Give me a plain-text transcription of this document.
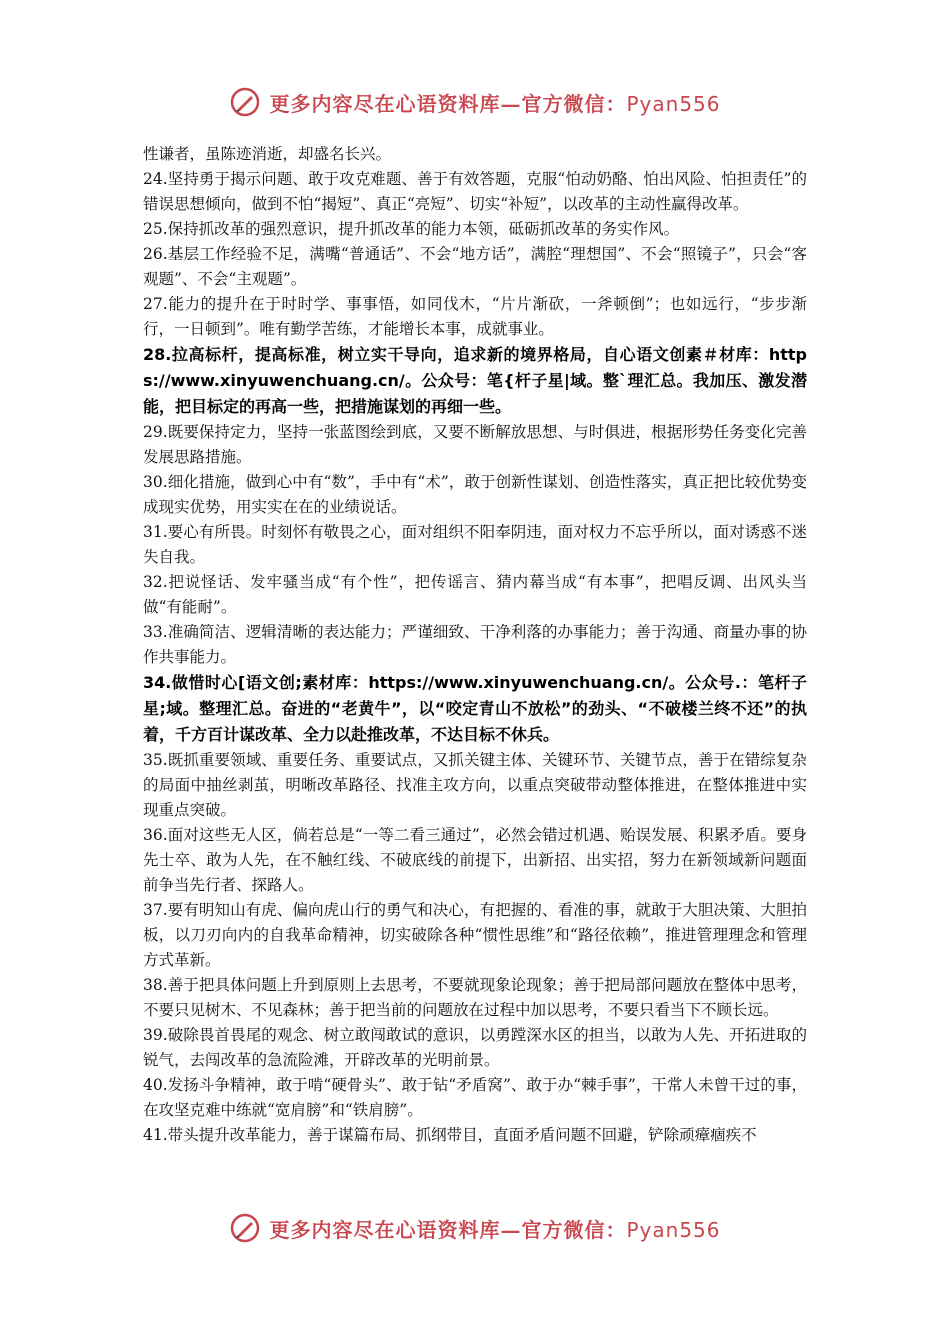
更多内容尽在心语资料库—官方微信：Pyan556

性谦者，虽陈迹消逝，却盛名长兴。

24.坚持勇于揭示问题、敢于攻克难题、善于有效答题，克服“怕动奶酪、怕出风险、怕担责任”的错误思想倾向，做到不怕“揭短”、真正“亮短”、切实“补短”，以改革的主动性赢得改革。

25.保持抓改革的强烈意识，提升抓改革的能力本领，砥砺抓改革的务实作风。

26.基层工作经验不足，满嘴“普通话”、不会“地方话”，满腔“理想国”、不会“照镜子”，只会“客观题”、不会“主观题”。

27.能力的提升在于时时学、事事悟，如同伐木，“片片渐砍，一斧顿倒”；也如远行，“步步渐行，一日顿到”。唯有勤学苦练，才能增长本事，成就事业。

28.拉高标杆，提高标准，树立实干导向，追求新的境界格局，自心语文创素＃材库：https://www.xinyuwenchuang.cn/。公众号：笔{杆子星|域。整`理汇总。我加压、激发潜能，把目标定的再高一些，把措施谋划的再细一些。

29.既要保持定力，坚持一张蓝图绘到底，又要不断解放思想、与时俱进，根据形势任务变化完善发展思路措施。

30.细化措施，做到心中有“数”，手中有“术”，敢于创新性谋划、创造性落实，真正把比较优势变成现实优势，用实实在在的业绩说话。

31.要心有所畏。时刻怀有敬畏之心，面对组织不阳奉阴违，面对权力不忘乎所以，面对诱惑不迷失自我。

32.把说怪话、发牢骚当成“有个性”，把传谣言、猜内幕当成“有本事”，把唱反调、出风头当做“有能耐”。

33.准确简洁、逻辑清晰的表达能力；严谨细致、干净利落的办事能力；善于沟通、商量办事的协作共事能力。

34.做惜时心[语文创;素材库：https://www.xinyuwenchuang.cn/。公众号.：笔杆子星;域。整理汇总。奋进的“老黄牛”，以“咬定青山不放松”的劲头、“不破楼兰终不还”的执着，千方百计谋改革、全力以赴推改革，不达目标不休兵。

35.既抓重要领域、重要任务、重要试点，又抓关键主体、关键环节、关键节点，善于在错综复杂的局面中抽丝剥茧，明晰改革路径、找准主攻方向，以重点突破带动整体推进，在整体推进中实现重点突破。

36.面对这些无人区，倘若总是“一等二看三通过”，必然会错过机遇、贻误发展、积累矛盾。要身先士卒、敢为人先，在不触红线、不破底线的前提下，出新招、出实招，努力在新领域新问题面前争当先行者、探路人。

37.要有明知山有虎、偏向虎山行的勇气和决心，有把握的、看准的事，就敢于大胆决策、大胆拍板，以刀刃向内的自我革命精神，切实破除各种“惯性思维”和“路径依赖”，推进管理理念和管理方式革新。

38.善于把具体问题上升到原则上去思考，不要就现象论现象；善于把局部问题放在整体中思考，不要只见树木、不见森林；善于把当前的问题放在过程中加以思考，不要只看当下不顾长远。

39.破除畏首畏尾的观念、树立敢闯敢试的意识，以勇蹚深水区的担当，以敢为人先、开拓进取的锐气，去闯改革的急流险滩，开辟改革的光明前景。

40.发扬斗争精神，敢于啃“硬骨头”、敢于钻“矛盾窝”、敢于办“棘手事”，干常人未曾干过的事，在攻坚克难中练就“宽肩膀”和“铁肩膀”。

41.带头提升改革能力，善于谋篇布局、抓纲带目，直面矛盾问题不回避，铲除顽瘴痼疾不

更多内容尽在心语资料库—官方微信：Pyan556
